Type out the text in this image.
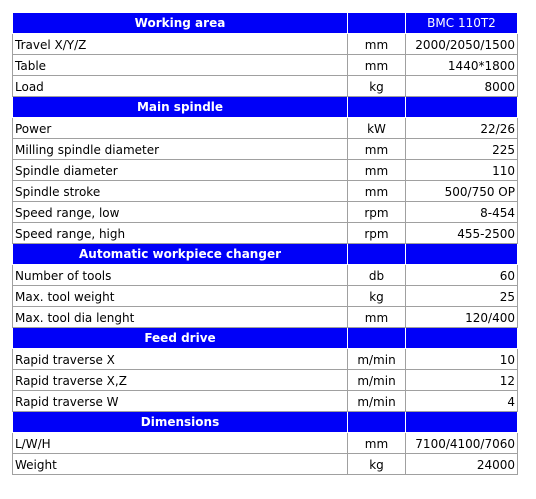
Working area		BMC 110T2
Travel X/Y/Z	mm	2000/2050/1500
Table	mm	1440*1800
Load	kg	8000
Main spindle		
Power	kW	22/26
Milling spindle diameter	mm	225
Spindle diameter	mm	110
Spindle stroke	mm	500/750 OP
Speed range, low	rpm	8-454
Speed range, high	rpm	455-2500
Automatic workpiece changer		
Number of tools	db	60
Max. tool weight	kg	25
Max. tool dia lenght	mm	120/400
Feed drive		
Rapid traverse X	m/min	10
Rapid traverse X,Z	m/min	12
Rapid traverse W	m/min	4
Dimensions		
L/W/H	mm	7100/4100/7060
Weight	kg	24000
